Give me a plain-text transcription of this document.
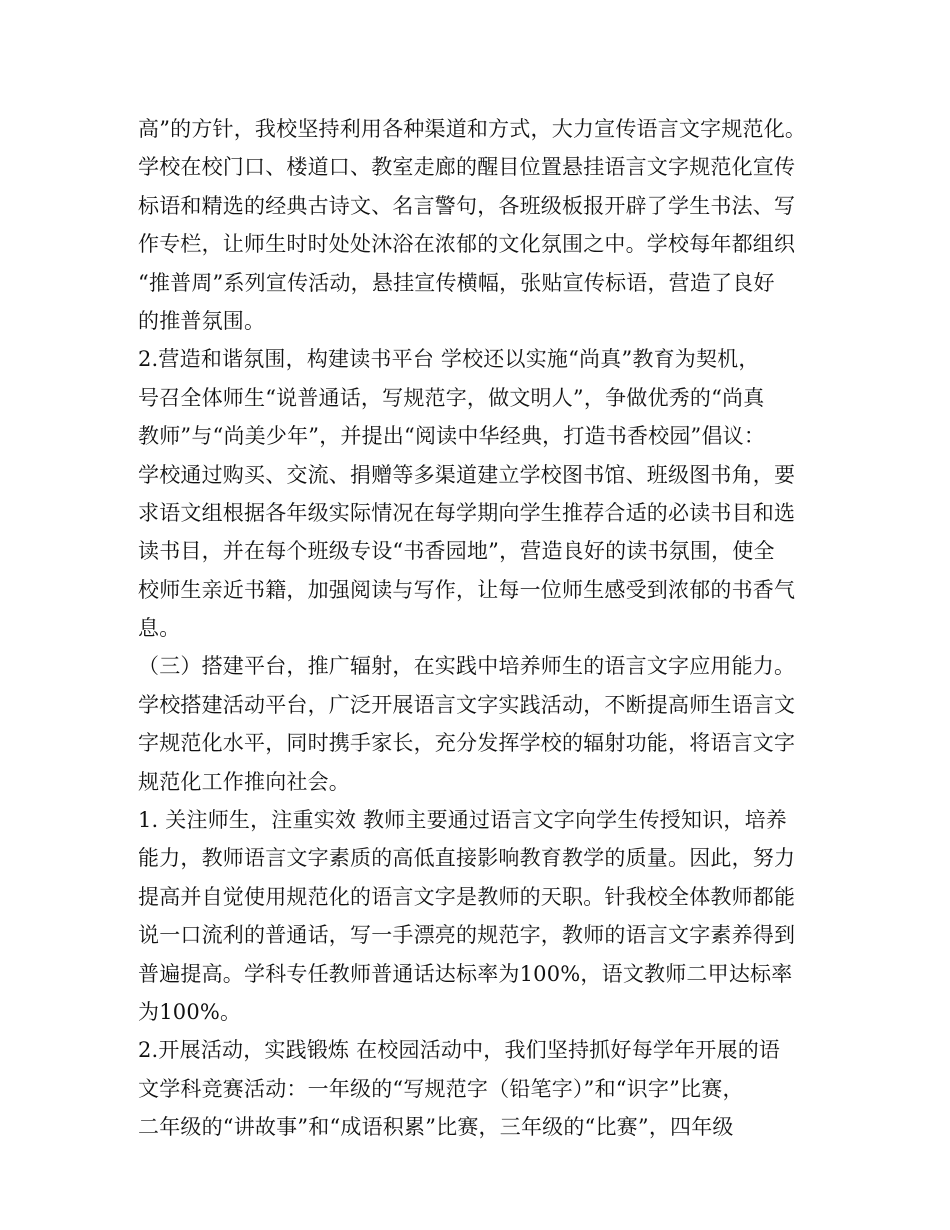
高”的方针，我校坚持利用各种渠道和方式，大力宣传语言文字规范化。
学校在校门口、楼道口、教室走廊的醒目位置悬挂语言文字规范化宣传
标语和精选的经典古诗文、名言警句，各班级板报开辟了学生书法、写
作专栏，让师生时时处处沐浴在浓郁的文化氛围之中。学校每年都组织
“推普周”系列宣传活动，悬挂宣传横幅，张贴宣传标语，营造了良好
的推普氛围。
2.营造和谐氛围，构建读书平台 学校还以实施“尚真”教育为契机，
号召全体师生“说普通话，写规范字，做文明人”，争做优秀的“尚真
教师”与“尚美少年”，并提出“阅读中华经典，打造书香校园”倡议：
学校通过购买、交流、捐赠等多渠道建立学校图书馆、班级图书角，要
求语文组根据各年级实际情况在每学期向学生推荐合适的必读书目和选
读书目，并在每个班级专设“书香园地”，营造良好的读书氛围，使全
校师生亲近书籍，加强阅读与写作，让每一位师生感受到浓郁的书香气
息。
（三）搭建平台，推广辐射，在实践中培养师生的语言文字应用能力。
学校搭建活动平台，广泛开展语言文字实践活动，不断提高师生语言文
字规范化水平，同时携手家长，充分发挥学校的辐射功能，将语言文字
规范化工作推向社会。
1. 关注师生，注重实效 教师主要通过语言文字向学生传授知识，培养
能力，教师语言文字素质的高低直接影响教育教学的质量。因此，努力
提高并自觉使用规范化的语言文字是教师的天职。针我校全体教师都能
说一口流利的普通话，写一手漂亮的规范字，教师的语言文字素养得到
普遍提高。学科专任教师普通话达标率为100%，语文教师二甲达标率
为100%。
2.开展活动，实践锻炼 在校园活动中，我们坚持抓好每学年开展的语
文学科竞赛活动：一年级的“写规范字（铅笔字）”和“识字”比赛，
二年级的“讲故事”和“成语积累”比赛，三年级的“比赛”，四年级
